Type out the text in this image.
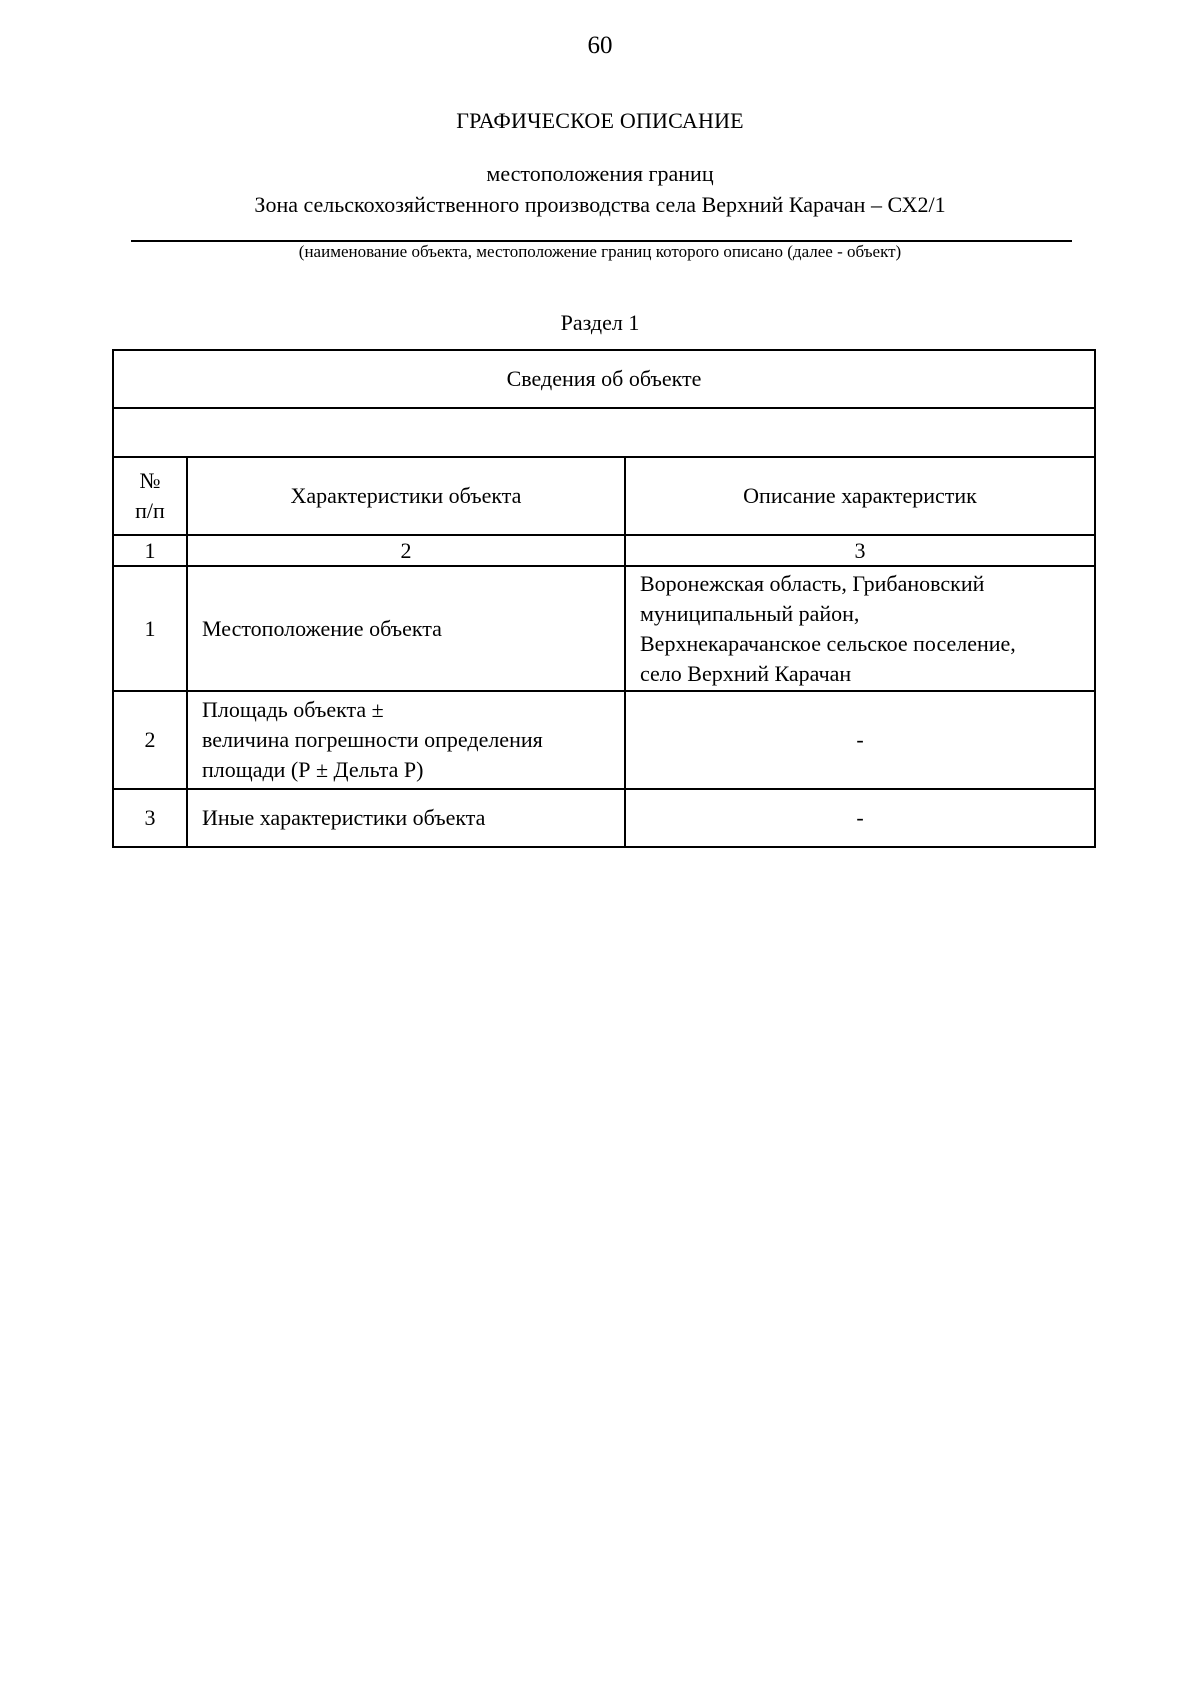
60
ГРАФИЧЕСКОЕ ОПИСАНИЕ
местоположения границ
Зона сельскохозяйственного производства села Верхний Карачан – СХ2/1
(наименование объекта, местоположение границ которого описано (далее - объект)
Раздел 1
Сведения об объекте		

№
п/п	Характеристики объекта	Описание характеристик
1	2	3
1	Местоположение объекта	Воронежская область, Грибановский
муниципальный район,
Верхнекарачанское сельское поселение,
село Верхний Карачан
2	Площадь объекта ±
величина погрешности определения
площади (Р ± Дельта Р)	-
3	Иные характеристики объекта	-
